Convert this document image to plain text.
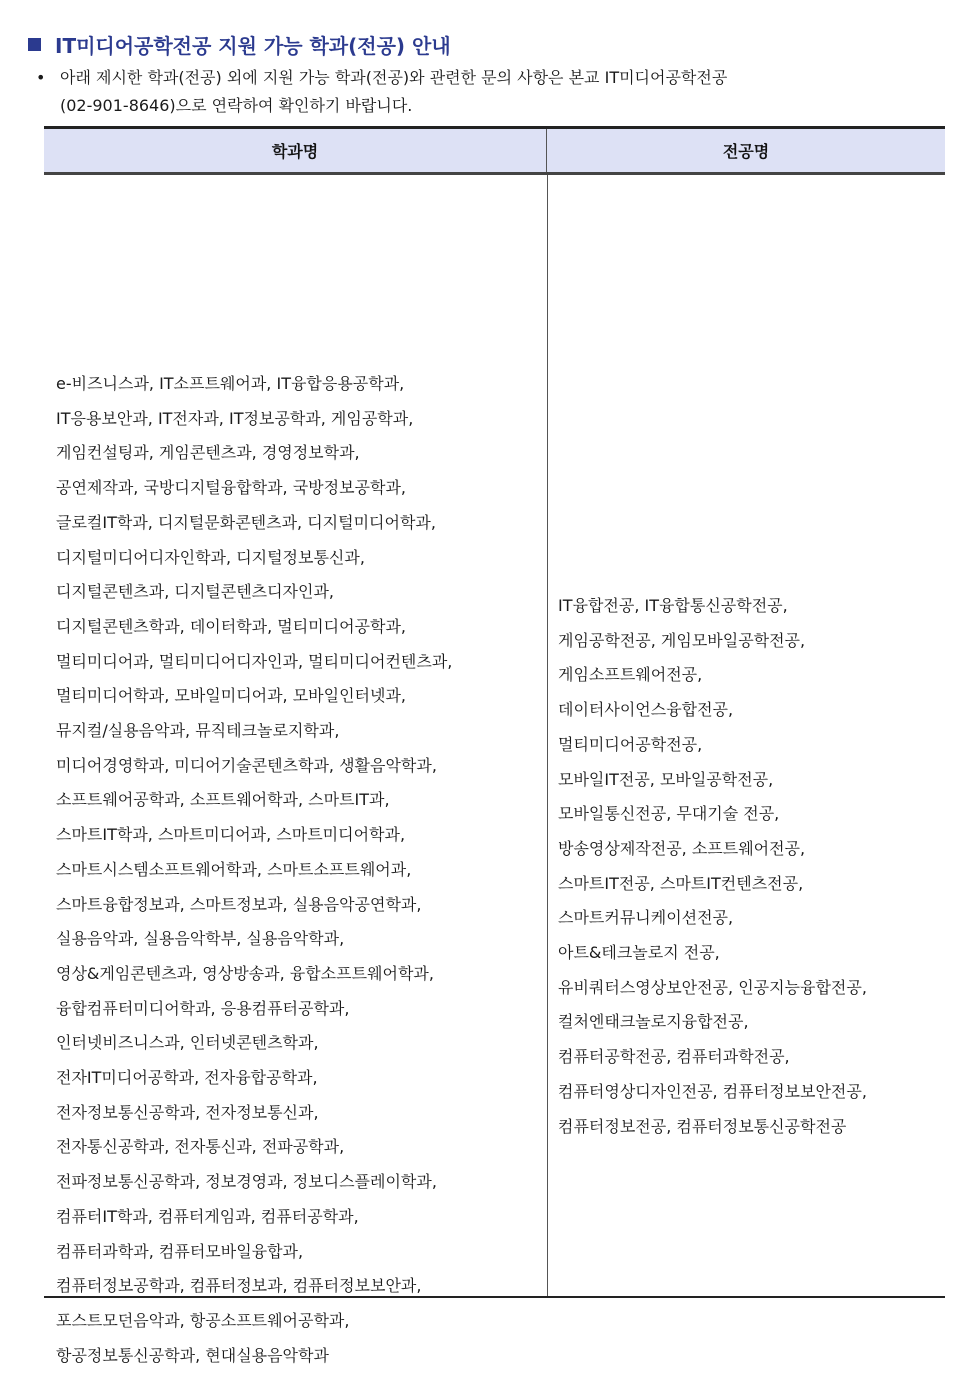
IT미디어공학전공 지원 가능 학과(전공) 안내
• 아래 제시한 학과(전공) 외에 지원 가능 학과(전공)와 관련한 문의 사항은 본교 IT미디어공학전공
(02-901-8646)으로 연락하여 확인하기 바랍니다.
학과명	전공명
e-비즈니스과, IT소프트웨어과, IT융합응용공학과,
IT응용보안과, IT전자과, IT정보공학과, 게임공학과,
게임컨설팅과, 게임콘텐츠과, 경영정보학과,
공연제작과, 국방디지털융합학과, 국방정보공학과,
글로컬IT학과, 디지털문화콘텐츠과, 디지털미디어학과,
디지털미디어디자인학과, 디지털정보통신과,
디지털콘텐츠과, 디지털콘텐츠디자인과,
디지털콘텐츠학과, 데이터학과, 멀티미디어공학과,
멀티미디어과, 멀티미디어디자인과, 멀티미디어컨텐츠과,
멀티미디어학과, 모바일미디어과, 모바일인터넷과,
뮤지컬/실용음악과, 뮤직테크놀로지학과,
미디어경영학과, 미디어기술콘텐츠학과, 생활음악학과,
소프트웨어공학과, 소프트웨어학과, 스마트IT과,
스마트IT학과, 스마트미디어과, 스마트미디어학과,
스마트시스템소프트웨어학과, 스마트소프트웨어과,
스마트융합정보과, 스마트정보과, 실용음악공연학과,
실용음악과, 실용음악학부, 실용음악학과,
영상&게임콘텐츠과, 영상방송과, 융합소프트웨어학과,
융합컴퓨터미디어학과, 응용컴퓨터공학과,
인터넷비즈니스과, 인터넷콘텐츠학과,
전자IT미디어공학과, 전자융합공학과,
전자정보통신공학과, 전자정보통신과,
전자통신공학과, 전자통신과, 전파공학과,
전파정보통신공학과, 정보경영과, 정보디스플레이학과,
컴퓨터IT학과, 컴퓨터게임과, 컴퓨터공학과,
컴퓨터과학과, 컴퓨터모바일융합과,
컴퓨터정보공학과, 컴퓨터정보과, 컴퓨터정보보안과,
포스트모던음악과, 항공소프트웨어공학과,
항공정보통신공학과, 현대실용음악학과
IT융합전공, IT융합통신공학전공,
게임공학전공, 게임모바일공학전공,
게임소프트웨어전공,
데이터사이언스융합전공,
멀티미디어공학전공,
모바일IT전공, 모바일공학전공,
모바일통신전공, 무대기술 전공,
방송영상제작전공, 소프트웨어전공,
스마트IT전공, 스마트IT컨텐츠전공,
스마트커뮤니케이션전공,
아트&테크놀로지 전공,
유비쿼터스영상보안전공, 인공지능융합전공,
컬처엔태크놀로지융합전공,
컴퓨터공학전공, 컴퓨터과학전공,
컴퓨터영상디자인전공, 컴퓨터정보보안전공,
컴퓨터정보전공, 컴퓨터정보통신공학전공
